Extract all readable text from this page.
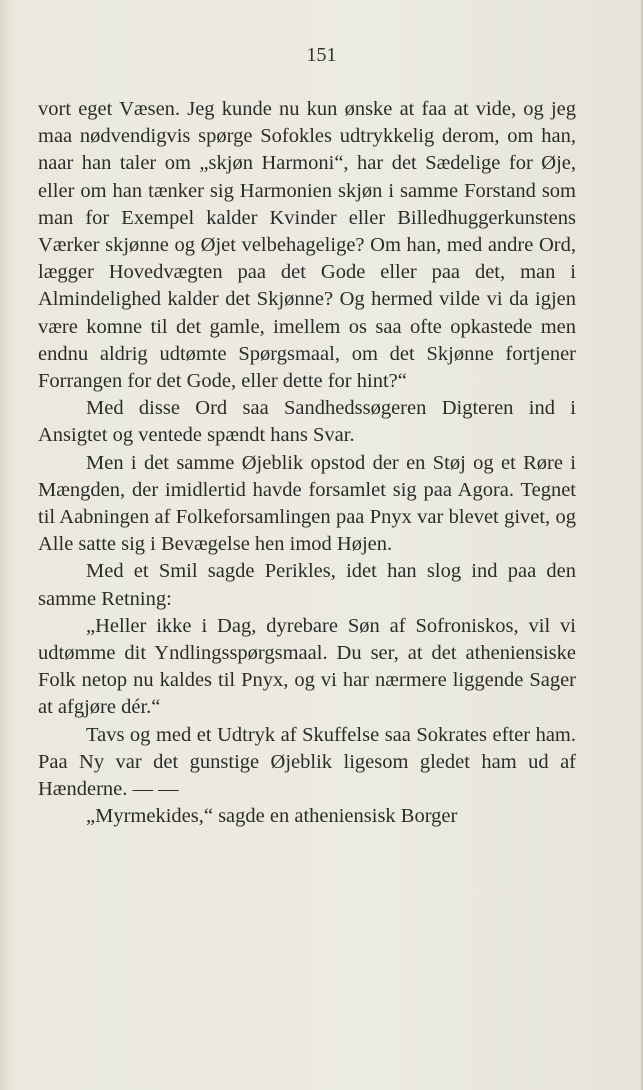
151

vort eget Væsen. Jeg kunde nu kun ønske at faa at vide, og jeg maa nødvendigvis spørge Sofokles udtrykkelig derom, om han, naar han taler om „skjøn Harmoni“, har det Sædelige for Øje, eller om han tænker sig Harmonien skjøn i samme Forstand som man for Exempel kalder Kvinder eller Billedhuggerkunstens Værker skjønne og Øjet velbehagelige? Om han, med andre Ord, lægger Hovedvægten paa det Gode eller paa det, man i Almindelighed kalder det Skjønne? Og hermed vilde vi da igjen være komne til det gamle, imellem os saa ofte opkastede men endnu aldrig udtømte Spørgsmaal, om det Skjønne fortjener Forrangen for det Gode, eller dette for hint?“

Med disse Ord saa Sandhedssøgeren Digteren ind i Ansigtet og ventede spændt hans Svar.

Men i det samme Øjeblik opstod der en Støj og et Røre i Mængden, der imidlertid havde forsamlet sig paa Agora. Tegnet til Aabningen af Folkeforsamlingen paa Pnyx var blevet givet, og Alle satte sig i Bevægelse hen imod Højen.

Med et Smil sagde Perikles, idet han slog ind paa den samme Retning:

„Heller ikke i Dag, dyrebare Søn af Sofroniskos, vil vi udtømme dit Yndlingsspørgsmaal. Du ser, at det atheniensiske Folk netop nu kaldes til Pnyx, og vi har nærmere liggende Sager at afgjøre dér.“

Tavs og med et Udtryk af Skuffelse saa Sokrates efter ham. Paa Ny var det gunstige Øjeblik ligesom gledet ham ud af Hænderne. — —

„Myrmekides,“ sagde en atheniensisk Borger
